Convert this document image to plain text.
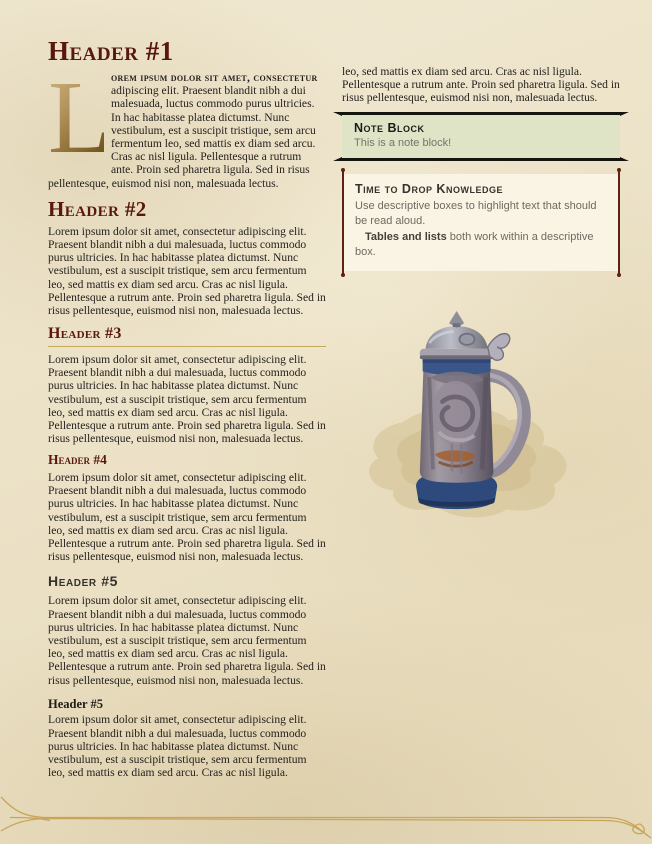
Header #1

L orem ipsum dolor sit amet, consectetur adipiscing elit. Praesent blandit nibh a dui malesuada, luctus commodo purus ultricies. In hac habitasse platea dictumst. Nunc vestibulum, est a suscipit tristique, sem arcu fermentum leo, sed mattis ex diam sed arcu. Cras ac nisl ligula. Pellentesque a rutrum ante. Proin sed pharetra ligula. Sed in risus pellentesque, euismod nisi non, malesuada lectus.

Header #2

Lorem ipsum dolor sit amet, consectetur adipiscing elit. Praesent blandit nibh a dui malesuada, luctus commodo purus ultricies. In hac habitasse platea dictumst. Nunc vestibulum, est a suscipit tristique, sem arcu fermentum leo, sed mattis ex diam sed arcu. Cras ac nisl ligula. Pellentesque a rutrum ante. Proin sed pharetra ligula. Sed in risus pellentesque, euismod nisi non, malesuada lectus.

Header #3

Lorem ipsum dolor sit amet, consectetur adipiscing elit. Praesent blandit nibh a dui malesuada, luctus commodo purus ultricies. In hac habitasse platea dictumst. Nunc vestibulum, est a suscipit tristique, sem arcu fermentum leo, sed mattis ex diam sed arcu. Cras ac nisl ligula. Pellentesque a rutrum ante. Proin sed pharetra ligula. Sed in risus pellentesque, euismod nisi non, malesuada lectus.

Header #4

Lorem ipsum dolor sit amet, consectetur adipiscing elit. Praesent blandit nibh a dui malesuada, luctus commodo purus ultricies. In hac habitasse platea dictumst. Nunc vestibulum, est a suscipit tristique, sem arcu fermentum leo, sed mattis ex diam sed arcu. Cras ac nisl ligula. Pellentesque a rutrum ante. Proin sed pharetra ligula. Sed in risus pellentesque, euismod nisi non, malesuada lectus.

Header #5

Lorem ipsum dolor sit amet, consectetur adipiscing elit. Praesent blandit nibh a dui malesuada, luctus commodo purus ultricies. In hac habitasse platea dictumst. Nunc vestibulum, est a suscipit tristique, sem arcu fermentum leo, sed mattis ex diam sed arcu. Cras ac nisl ligula. Pellentesque a rutrum ante. Proin sed pharetra ligula. Sed in risus pellentesque, euismod nisi non, malesuada lectus.

Header #5

Lorem ipsum dolor sit amet, consectetur adipiscing elit. Praesent blandit nibh a dui malesuada, luctus commodo purus ultricies. In hac habitasse platea dictumst. Nunc vestibulum, est a suscipit tristique, sem arcu fermentum leo, sed mattis ex diam sed arcu. Cras ac nisl ligula.

leo, sed mattis ex diam sed arcu. Cras ac nisl ligula. Pellentesque a rutrum ante. Proin sed pharetra ligula. Sed in risus pellentesque, euismod nisi non, malesuada lectus.

Note Block
This is a note block!
Time to Drop Knowledge
Use descriptive boxes to highlight text that should be read aloud.
Tables and lists both work within a descriptive box.
